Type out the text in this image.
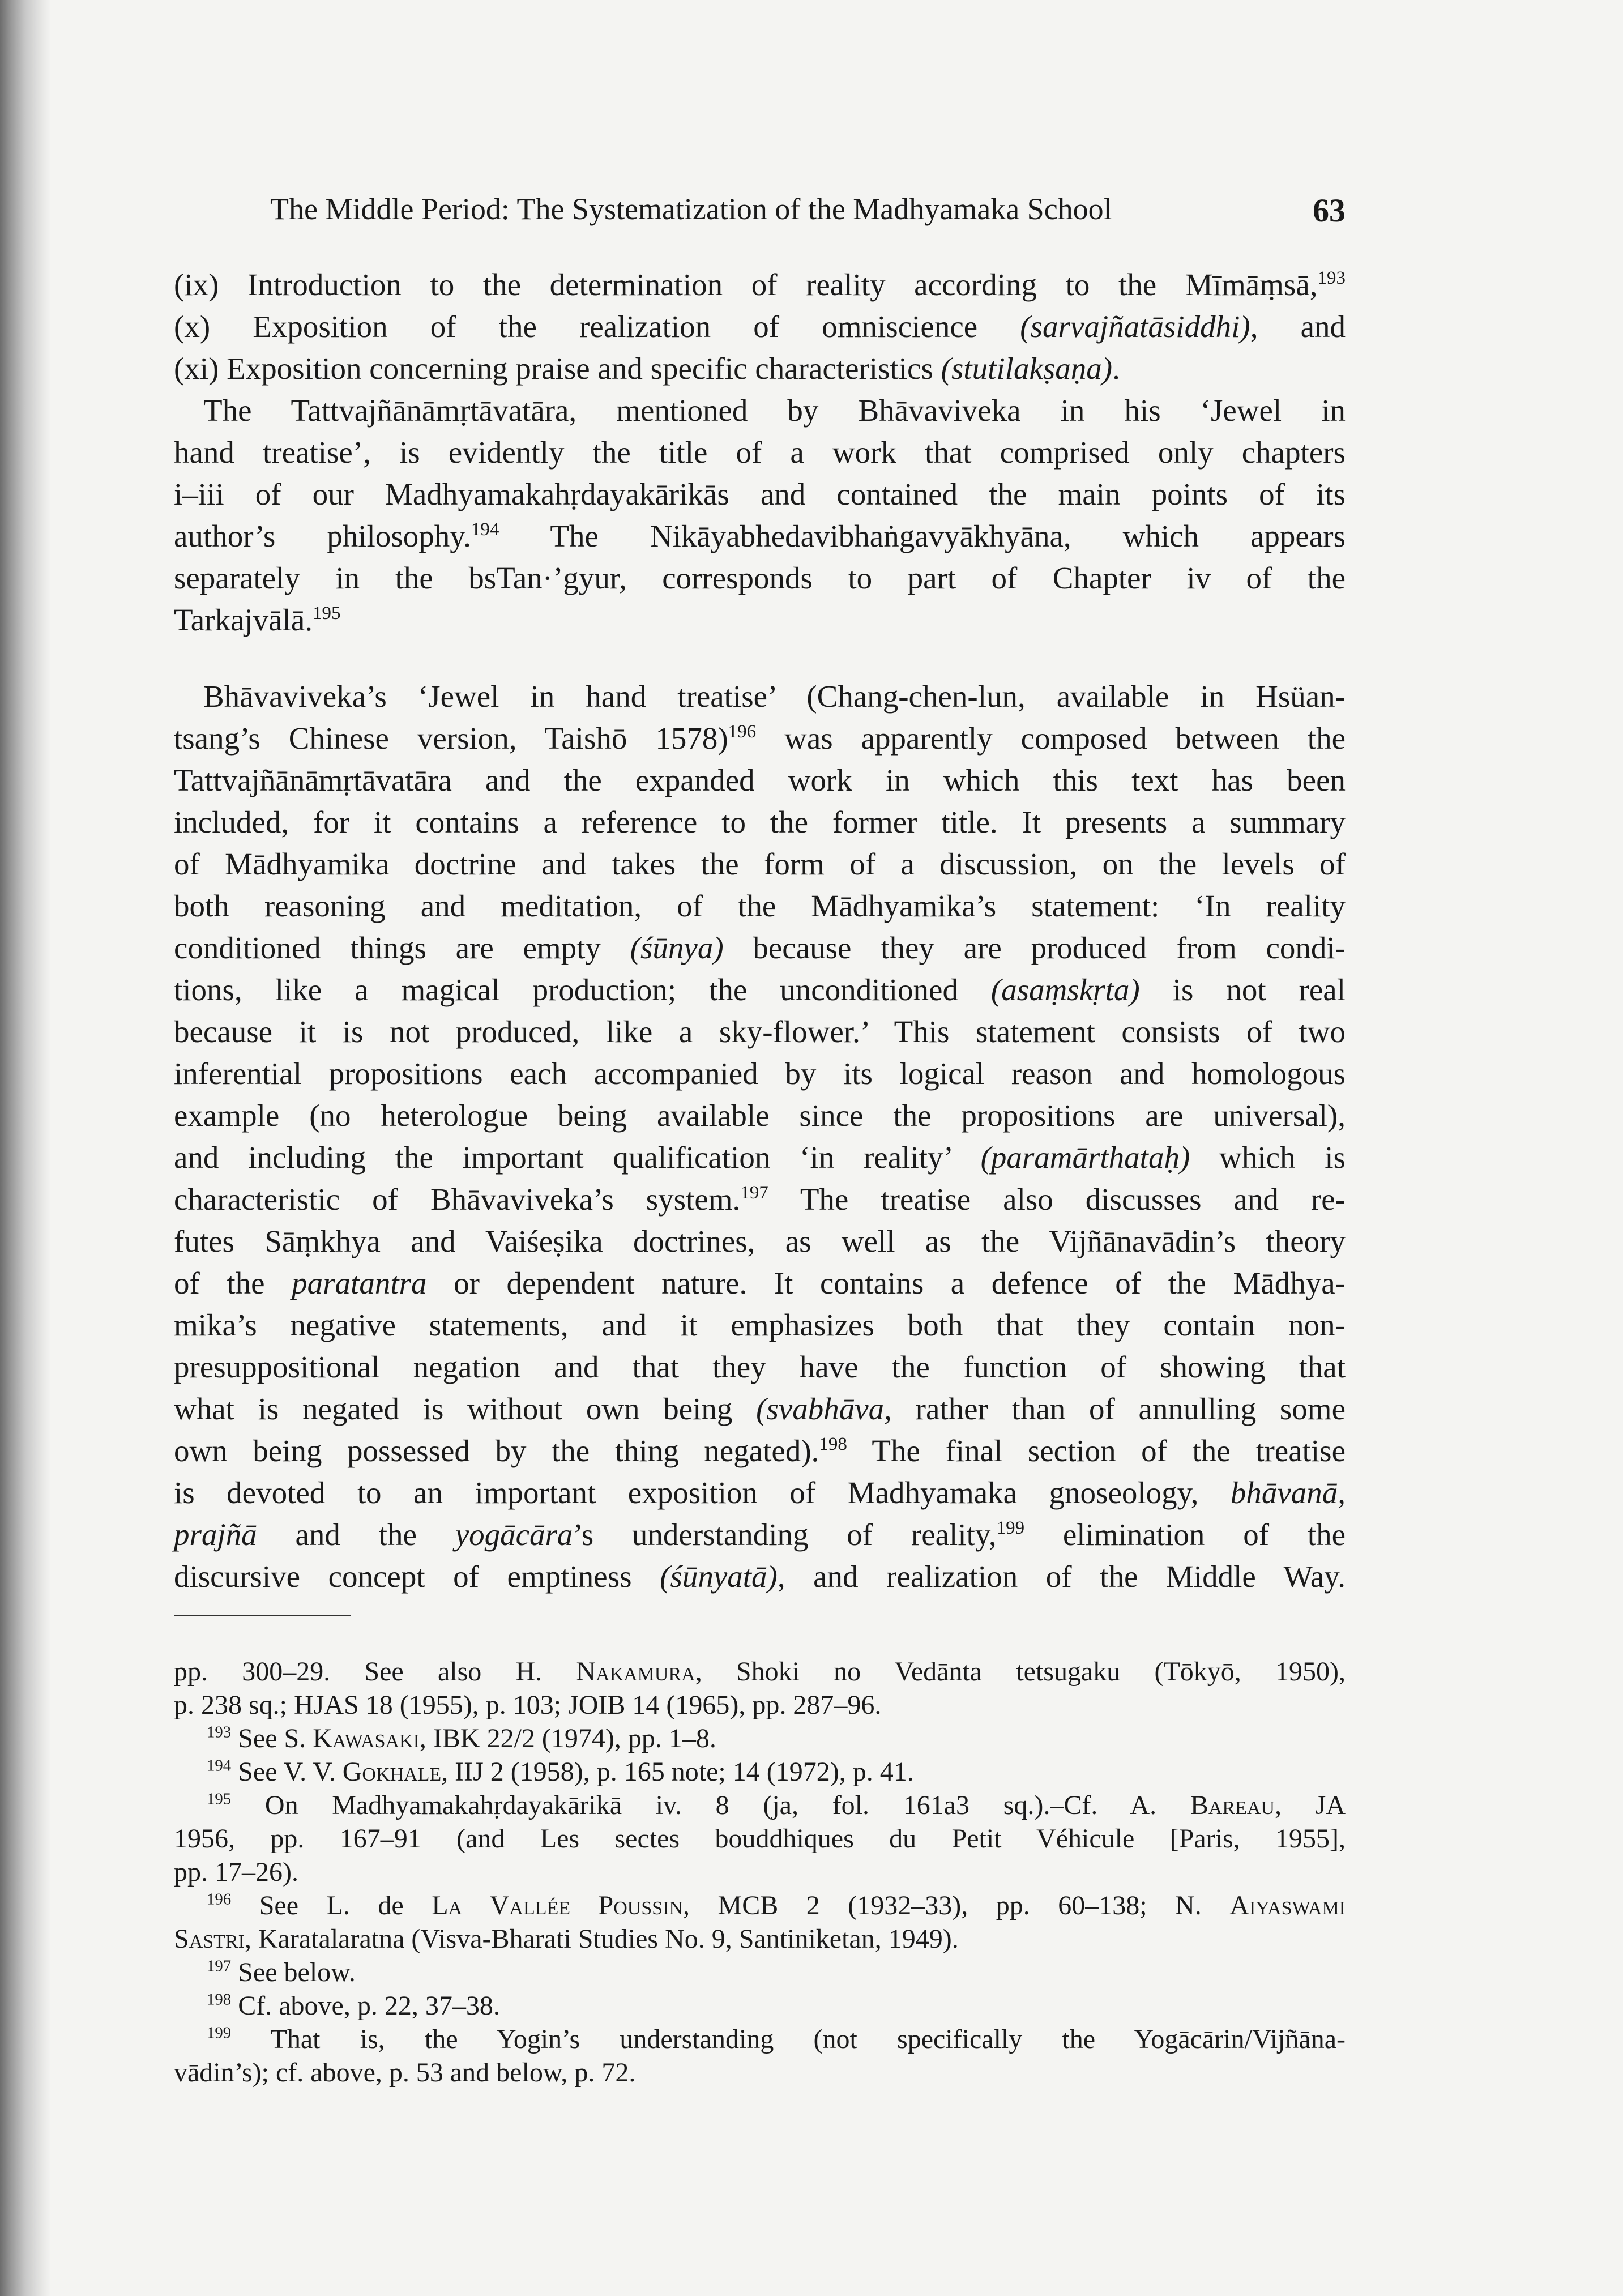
The Middle Period: The Systematization of the Madhyamaka School	63
(ix) Introduction to the determination of reality according to the Mīmāṃsā,$^{193}$
(x) Exposition of the realization of omniscience (sarvajñatāsiddhi), and
(xi) Exposition concerning praise and specific characteristics (stutilakṣaṇa).
The Tattvajñānāmṛtāvatāra, mentioned by Bhāvaviveka in his ‘Jewel in
hand treatise’, is evidently the title of a work that comprised only chapters
i–iii of our Madhyamakahṛdayakārikās and contained the main points of its
author’s philosophy.$^{194}$ The Nikāyabhedavibhaṅgavyākhyāna, which appears
separately in the bsTan·’gyur, corresponds to part of Chapter iv of the
Tarkajvālā.$^{195}$
Bhāvaviveka’s ‘Jewel in hand treatise’ (Chang-chen-lun, available in Hsüan-
tsang’s Chinese version, Taishō 1578)$^{196}$ was apparently composed between the
Tattvajñānāmṛtāvatāra and the expanded work in which this text has been
included, for it contains a reference to the former title. It presents a summary
of Mādhyamika doctrine and takes the form of a discussion, on the levels of
both reasoning and meditation, of the Mādhyamika’s statement: ‘In reality
conditioned things are empty (śūnya) because they are produced from condi-
tions, like a magical production; the unconditioned (asaṃskṛta) is not real
because it is not produced, like a sky-flower.’ This statement consists of two
inferential propositions each accompanied by its logical reason and homologous
example (no heterologue being available since the propositions are universal),
and including the important qualification ‘in reality’ (paramārthataḥ) which is
characteristic of Bhāvaviveka’s system.$^{197}$ The treatise also discusses and re-
futes Sāṃkhya and Vaiśeṣika doctrines, as well as the Vijñānavādin’s theory
of the paratantra or dependent nature. It contains a defence of the Mādhya-
mika’s negative statements, and it emphasizes both that they contain non-
presuppositional negation and that they have the function of showing that
what is negated is without own being (svabhāva, rather than of annulling some
own being possessed by the thing negated).$^{198}$ The final section of the treatise
is devoted to an important exposition of Madhyamaka gnoseology, bhāvanā,
prajñā and the yogācāra’s understanding of reality,$^{199}$ elimination of the
discursive concept of emptiness (śūnyatā), and realization of the Middle Way.
pp. 300–29. See also H. Nakamura, Shoki no Vedānta tetsugaku (Tōkyō, 1950),
p. 238 sq.; HJAS 18 (1955), p. 103; JOIB 14 (1965), pp. 287–96.
$^{193}$ See S. Kawasaki, IBK 22/2 (1974), pp. 1–8.
$^{194}$ See V. V. Gokhale, IIJ 2 (1958), p. 165 note; 14 (1972), p. 41.
$^{195}$ On Madhyamakahṛdayakārikā iv. 8 (ja, fol. 161a3 sq.).–Cf. A. Bareau, JA
1956, pp. 167–91 (and Les sectes bouddhiques du Petit Véhicule [Paris, 1955],
pp. 17–26).
$^{196}$ See L. de La Vallée Poussin, MCB 2 (1932–33), pp. 60–138; N. Aiyaswami
Sastri, Karatalaratna (Visva-Bharati Studies No. 9, Santiniketan, 1949).
$^{197}$ See below.
$^{198}$ Cf. above, p. 22, 37–38.
$^{199}$ That is, the Yogin’s understanding (not specifically the Yogācārin/Vijñāna-
vādin’s); cf. above, p. 53 and below, p. 72.
